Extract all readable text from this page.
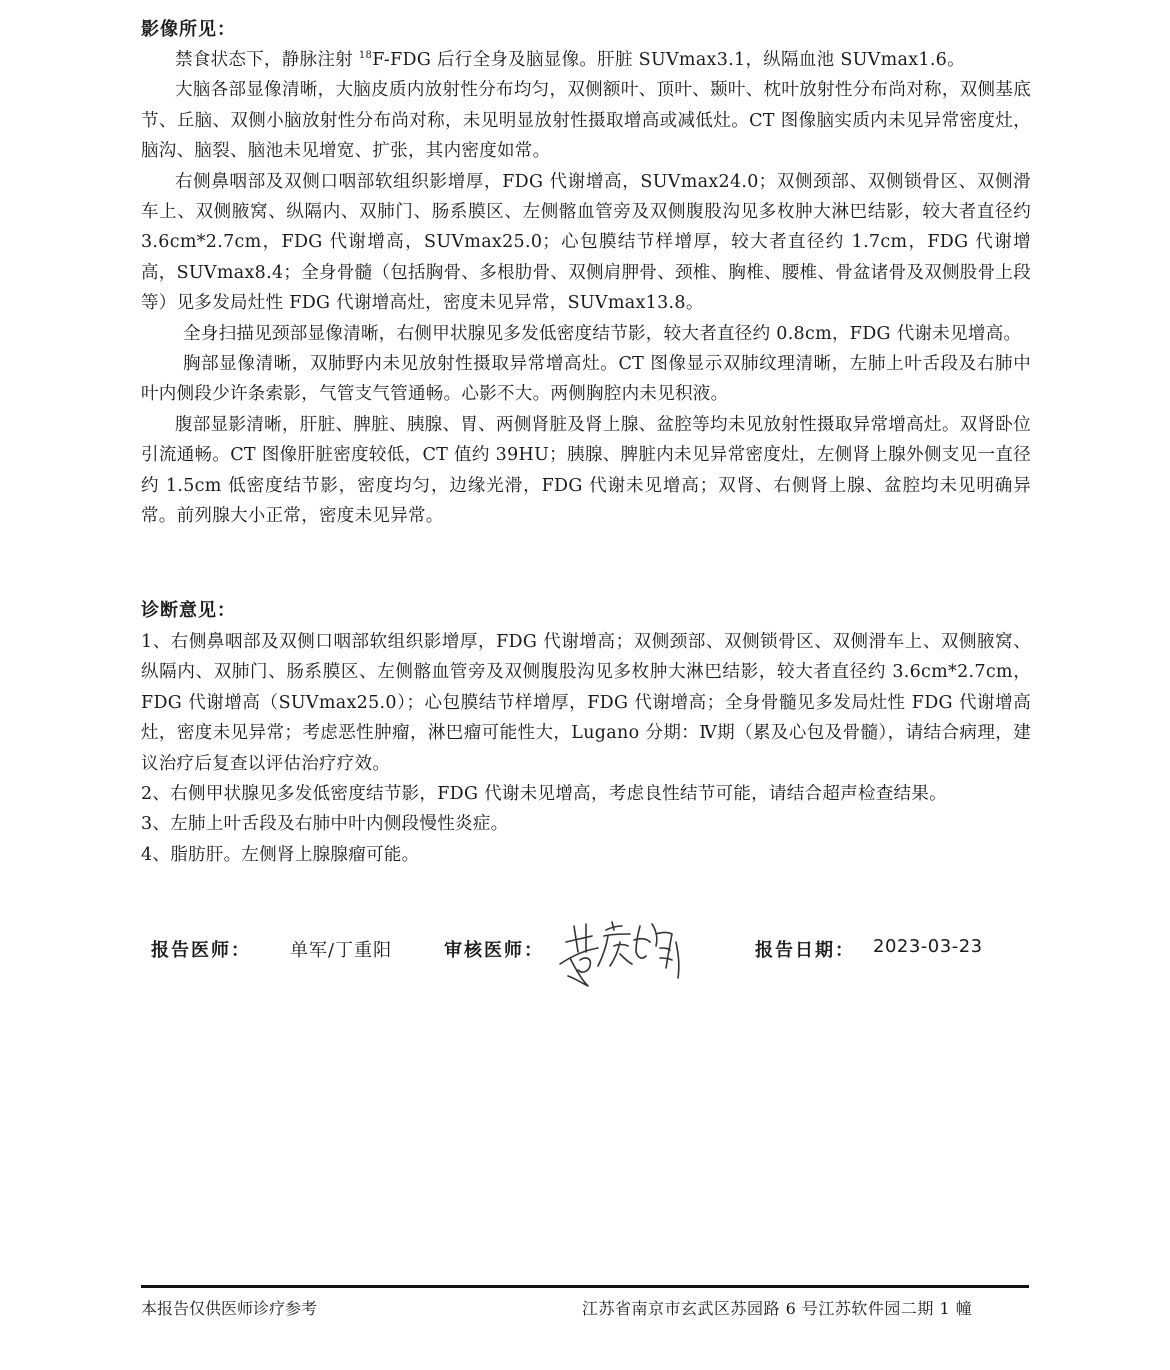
影像所见：

禁食状态下，静脉注射 $^{18}$F-FDG 后行全身及脑显像。肝脏 SUVmax3.1，纵隔血池 SUVmax1.6。

大脑各部显像清晰，大脑皮质内放射性分布均匀，双侧额叶、顶叶、颞叶、枕叶放射性分布尚对称，双侧基底节、丘脑、双侧小脑放射性分布尚对称，未见明显放射性摄取增高或减低灶。CT 图像脑实质内未见异常密度灶，脑沟、脑裂、脑池未见增宽、扩张，其内密度如常。

右侧鼻咽部及双侧口咽部软组织影增厚，FDG 代谢增高，SUVmax24.0；双侧颈部、双侧锁骨区、双侧滑车上、双侧腋窝、纵隔内、双肺门、肠系膜区、左侧髂血管旁及双侧腹股沟见多枚肿大淋巴结影，较大者直径约 3.6cm*2.7cm，FDG 代谢增高，SUVmax25.0；心包膜结节样增厚，较大者直径约 1.7cm，FDG 代谢增高，SUVmax8.4；全身骨髓（包括胸骨、多根肋骨、双侧肩胛骨、颈椎、胸椎、腰椎、骨盆诸骨及双侧股骨上段等）见多发局灶性 FDG 代谢增高灶，密度未见异常，SUVmax13.8。

全身扫描见颈部显像清晰，右侧甲状腺见多发低密度结节影，较大者直径约 0.8cm，FDG 代谢未见增高。

胸部显像清晰，双肺野内未见放射性摄取异常增高灶。CT 图像显示双肺纹理清晰，左肺上叶舌段及右肺中叶内侧段少许条索影，气管支气管通畅。心影不大。两侧胸腔内未见积液。

腹部显影清晰，肝脏、脾脏、胰腺、胃、两侧肾脏及肾上腺、盆腔等均未见放射性摄取异常增高灶。双肾卧位引流通畅。CT 图像肝脏密度较低，CT 值约 39HU；胰腺、脾脏内未见异常密度灶，左侧肾上腺外侧支见一直径约 1.5cm 低密度结节影，密度均匀，边缘光滑，FDG 代谢未见增高；双肾、右侧肾上腺、盆腔均未见明确异常。前列腺大小正常，密度未见异常。

诊断意见：

1、右侧鼻咽部及双侧口咽部软组织影增厚，FDG 代谢增高；双侧颈部、双侧锁骨区、双侧滑车上、双侧腋窝、纵隔内、双肺门、肠系膜区、左侧髂血管旁及双侧腹股沟见多枚肿大淋巴结影，较大者直径约 3.6cm*2.7cm，FDG 代谢增高（SUVmax25.0）；心包膜结节样增厚，FDG 代谢增高；全身骨髓见多发局灶性 FDG 代谢增高灶，密度未见异常；考虑恶性肿瘤，淋巴瘤可能性大，Lugano 分期：Ⅳ期（累及心包及骨髓），请结合病理，建议治疗后复查以评估治疗疗效。

2、右侧甲状腺见多发低密度结节影，FDG 代谢未见增高，考虑良性结节可能，请结合超声检查结果。

3、左肺上叶舌段及右肺中叶内侧段慢性炎症。

4、脂肪肝。左侧肾上腺腺瘤可能。

报告医师： 单军/丁重阳	审核医师：	报告日期： 2023-03-23
本报告仅供医师诊疗参考	江苏省南京市玄武区苏园路 6 号江苏软件园二期 1 幢
